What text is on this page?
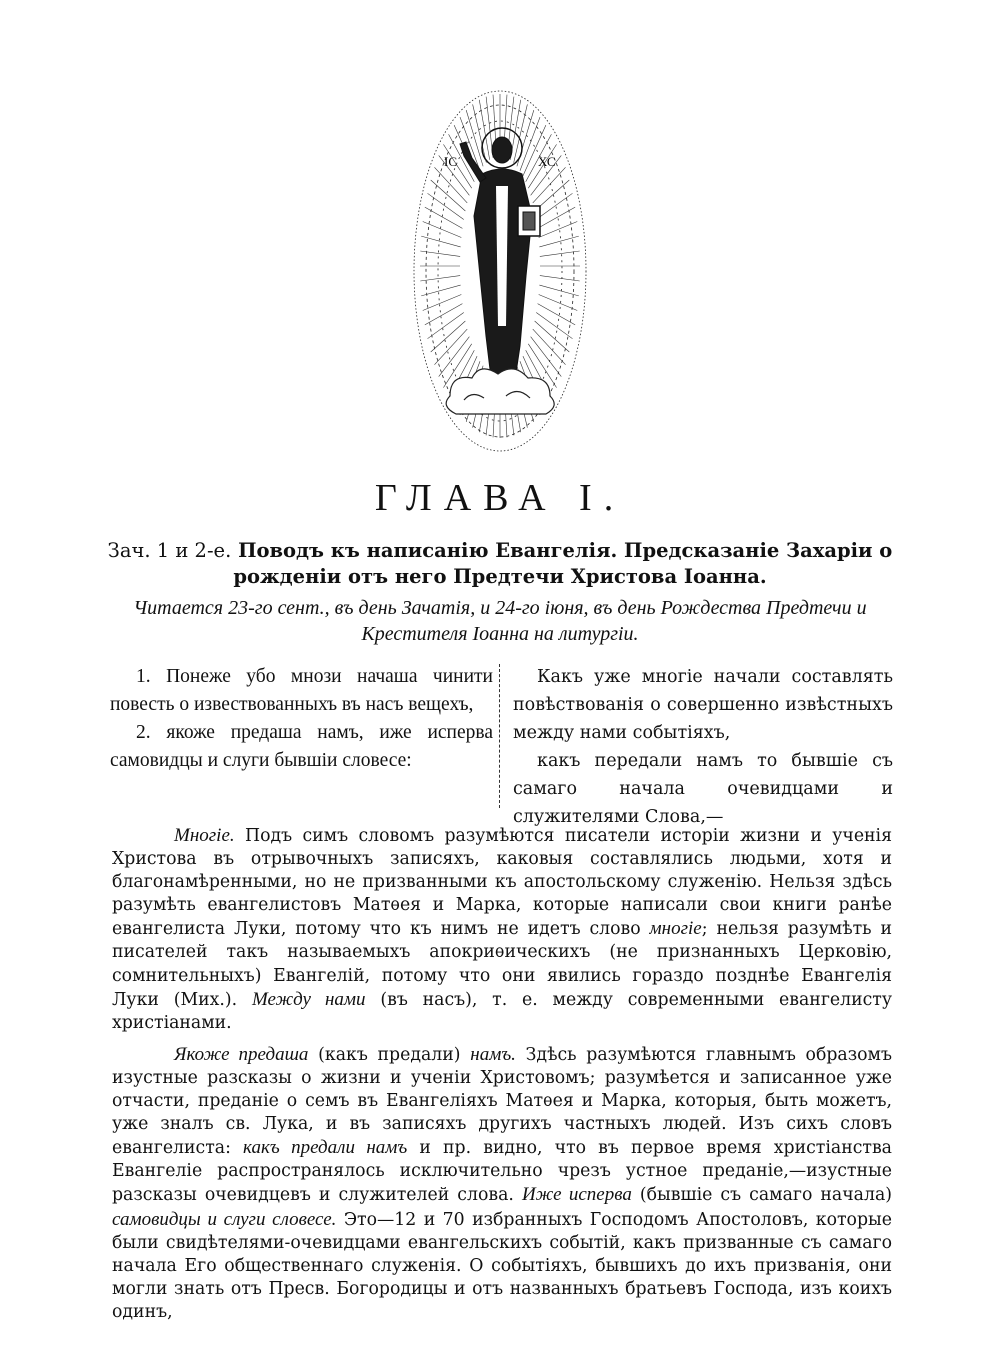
ІС	ХС
ГЛАВА I.
Зач. 1 и 2-е. Поводъ къ написанію Евангелія. Предсказаніе Захаріи о рожденіи отъ него Предтечи Христова Іоанна.
Читается 23-го сент., въ день Зачатія, и 24-го іюня, въ день Рождества Предтечи и Крестителя Іоанна на литургіи.

1. Понеже убо мнози начаша чинити повесть о извествованныхъ въ насъ вещехъ,

2. якоже предаша намъ, иже исперва самовидцы и слуги бывшiи словесе:

Какъ уже многіе начали составлять повѣствованія о совершенно извѣстныхъ между нами событіяхъ,

какъ передали намъ то бывшіе съ самаго начала очевидцами и служителями Слова,—

Многіе. Подъ симъ словомъ разумѣются писатели исторіи жизни и ученія Христова въ отрывочныхъ записяхъ, каковыя составлялись людьми, хотя и благонамѣренными, но не призванными къ апостольскому служенію. Нельзя здѣсь разумѣть евангелистовъ Матѳея и Марка, которые написали свои книги ранѣе евангелиста Луки, потому что къ нимъ не идетъ слово многіе; нельзя разумѣть и писателей такъ называемыхъ апокриѳическихъ (не признанныхъ Церковію, сомнительныхъ) Евангелій, потому что они явились гораздо позднѣе Евангелія Луки (Мих.). Между нами (въ насъ), т. е. между современными евангелисту христіанами.

Якоже предаша (какъ предали) намъ. Здѣсь разумѣются главнымъ образомъ изустные разсказы о жизни и ученіи Христовомъ; разумѣется и записанное уже отчасти, преданіе о семъ въ Евангеліяхъ Матѳея и Марка, которыя, быть можетъ, уже зналъ св. Лука, и въ записяхъ другихъ частныхъ людей. Изъ сихъ словъ евангелиста: какъ предали намъ и пр. видно, что въ первое время христіанства Евангеліе распространялось исключительно чрезъ устное преданіе,—изустные разсказы очевидцевъ и служителей слова. Иже исперва (бывшіе съ самаго начала) самовидцы и слуги словесе. Это—12 и 70 избранныхъ Господомъ Апостоловъ, которые были свидѣтелями-очевидцами евангельскихъ событій, какъ призванные съ самаго начала Его общественнаго служенія. О событіяхъ, бывшихъ до ихъ призванія, они могли знать отъ Пресв. Богородицы и отъ названныхъ братьевъ Господа, изъ коихъ одинъ,
